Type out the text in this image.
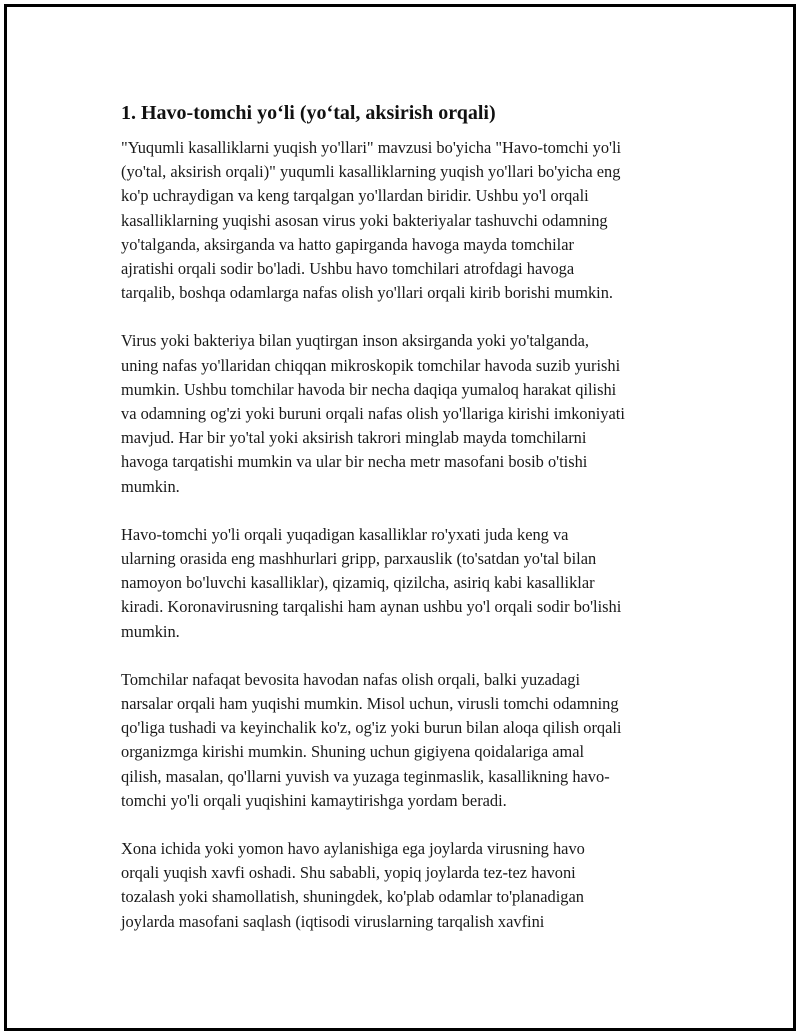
1. Havo-tomchi yo‘li (yo‘tal, aksirish orqali)
"Yuqumli kasalliklarni yuqish yo'llari" mavzusi bo'yicha "Havo-tomchi yo'li
(yo'tal, aksirish orqali)" yuqumli kasalliklarning yuqish yo'llari bo'yicha eng
ko'p uchraydigan va keng tarqalgan yo'llardan biridir. Ushbu yo'l orqali
kasalliklarning yuqishi asosan virus yoki bakteriyalar tashuvchi odamning
yo'talganda, aksirganda va hatto gapirganda havoga mayda tomchilar
ajratishi orqali sodir bo'ladi. Ushbu havo tomchilari atrofdagi havoga
tarqalib, boshqa odamlarga nafas olish yo'llari orqali kirib borishi mumkin.
Virus yoki bakteriya bilan yuqtirgan inson aksirganda yoki yo'talganda,
uning nafas yo'llaridan chiqqan mikroskopik tomchilar havoda suzib yurishi
mumkin. Ushbu tomchilar havoda bir necha daqiqa yumaloq harakat qilishi
va odamning og'zi yoki buruni orqali nafas olish yo'llariga kirishi imkoniyati
mavjud. Har bir yo'tal yoki aksirish takrori minglab mayda tomchilarni
havoga tarqatishi mumkin va ular bir necha metr masofani bosib o'tishi
mumkin.
Havo-tomchi yo'li orqali yuqadigan kasalliklar ro'yxati juda keng va
ularning orasida eng mashhurlari gripp, parxauslik (to'satdan yo'tal bilan
namoyon bo'luvchi kasalliklar), qizamiq, qizilcha, asiriq kabi kasalliklar
kiradi. Koronavirusning tarqalishi ham aynan ushbu yo'l orqali sodir bo'lishi
mumkin.
Tomchilar nafaqat bevosita havodan nafas olish orqali, balki yuzadagi
narsalar orqali ham yuqishi mumkin. Misol uchun, virusli tomchi odamning
qo'liga tushadi va keyinchalik ko'z, og'iz yoki burun bilan aloqa qilish orqali
organizmga kirishi mumkin. Shuning uchun gigiyena qoidalariga amal
qilish, masalan, qo'llarni yuvish va yuzaga teginmaslik, kasallikning havo-
tomchi yo'li orqali yuqishini kamaytirishga yordam beradi.
Xona ichida yoki yomon havo aylanishiga ega joylarda virusning havo
orqali yuqish xavfi oshadi. Shu sababli, yopiq joylarda tez-tez havoni
tozalash yoki shamollatish, shuningdek, ko'plab odamlar to'planadigan
joylarda masofani saqlash (iqtisodi viruslarning tarqalish xavfini
